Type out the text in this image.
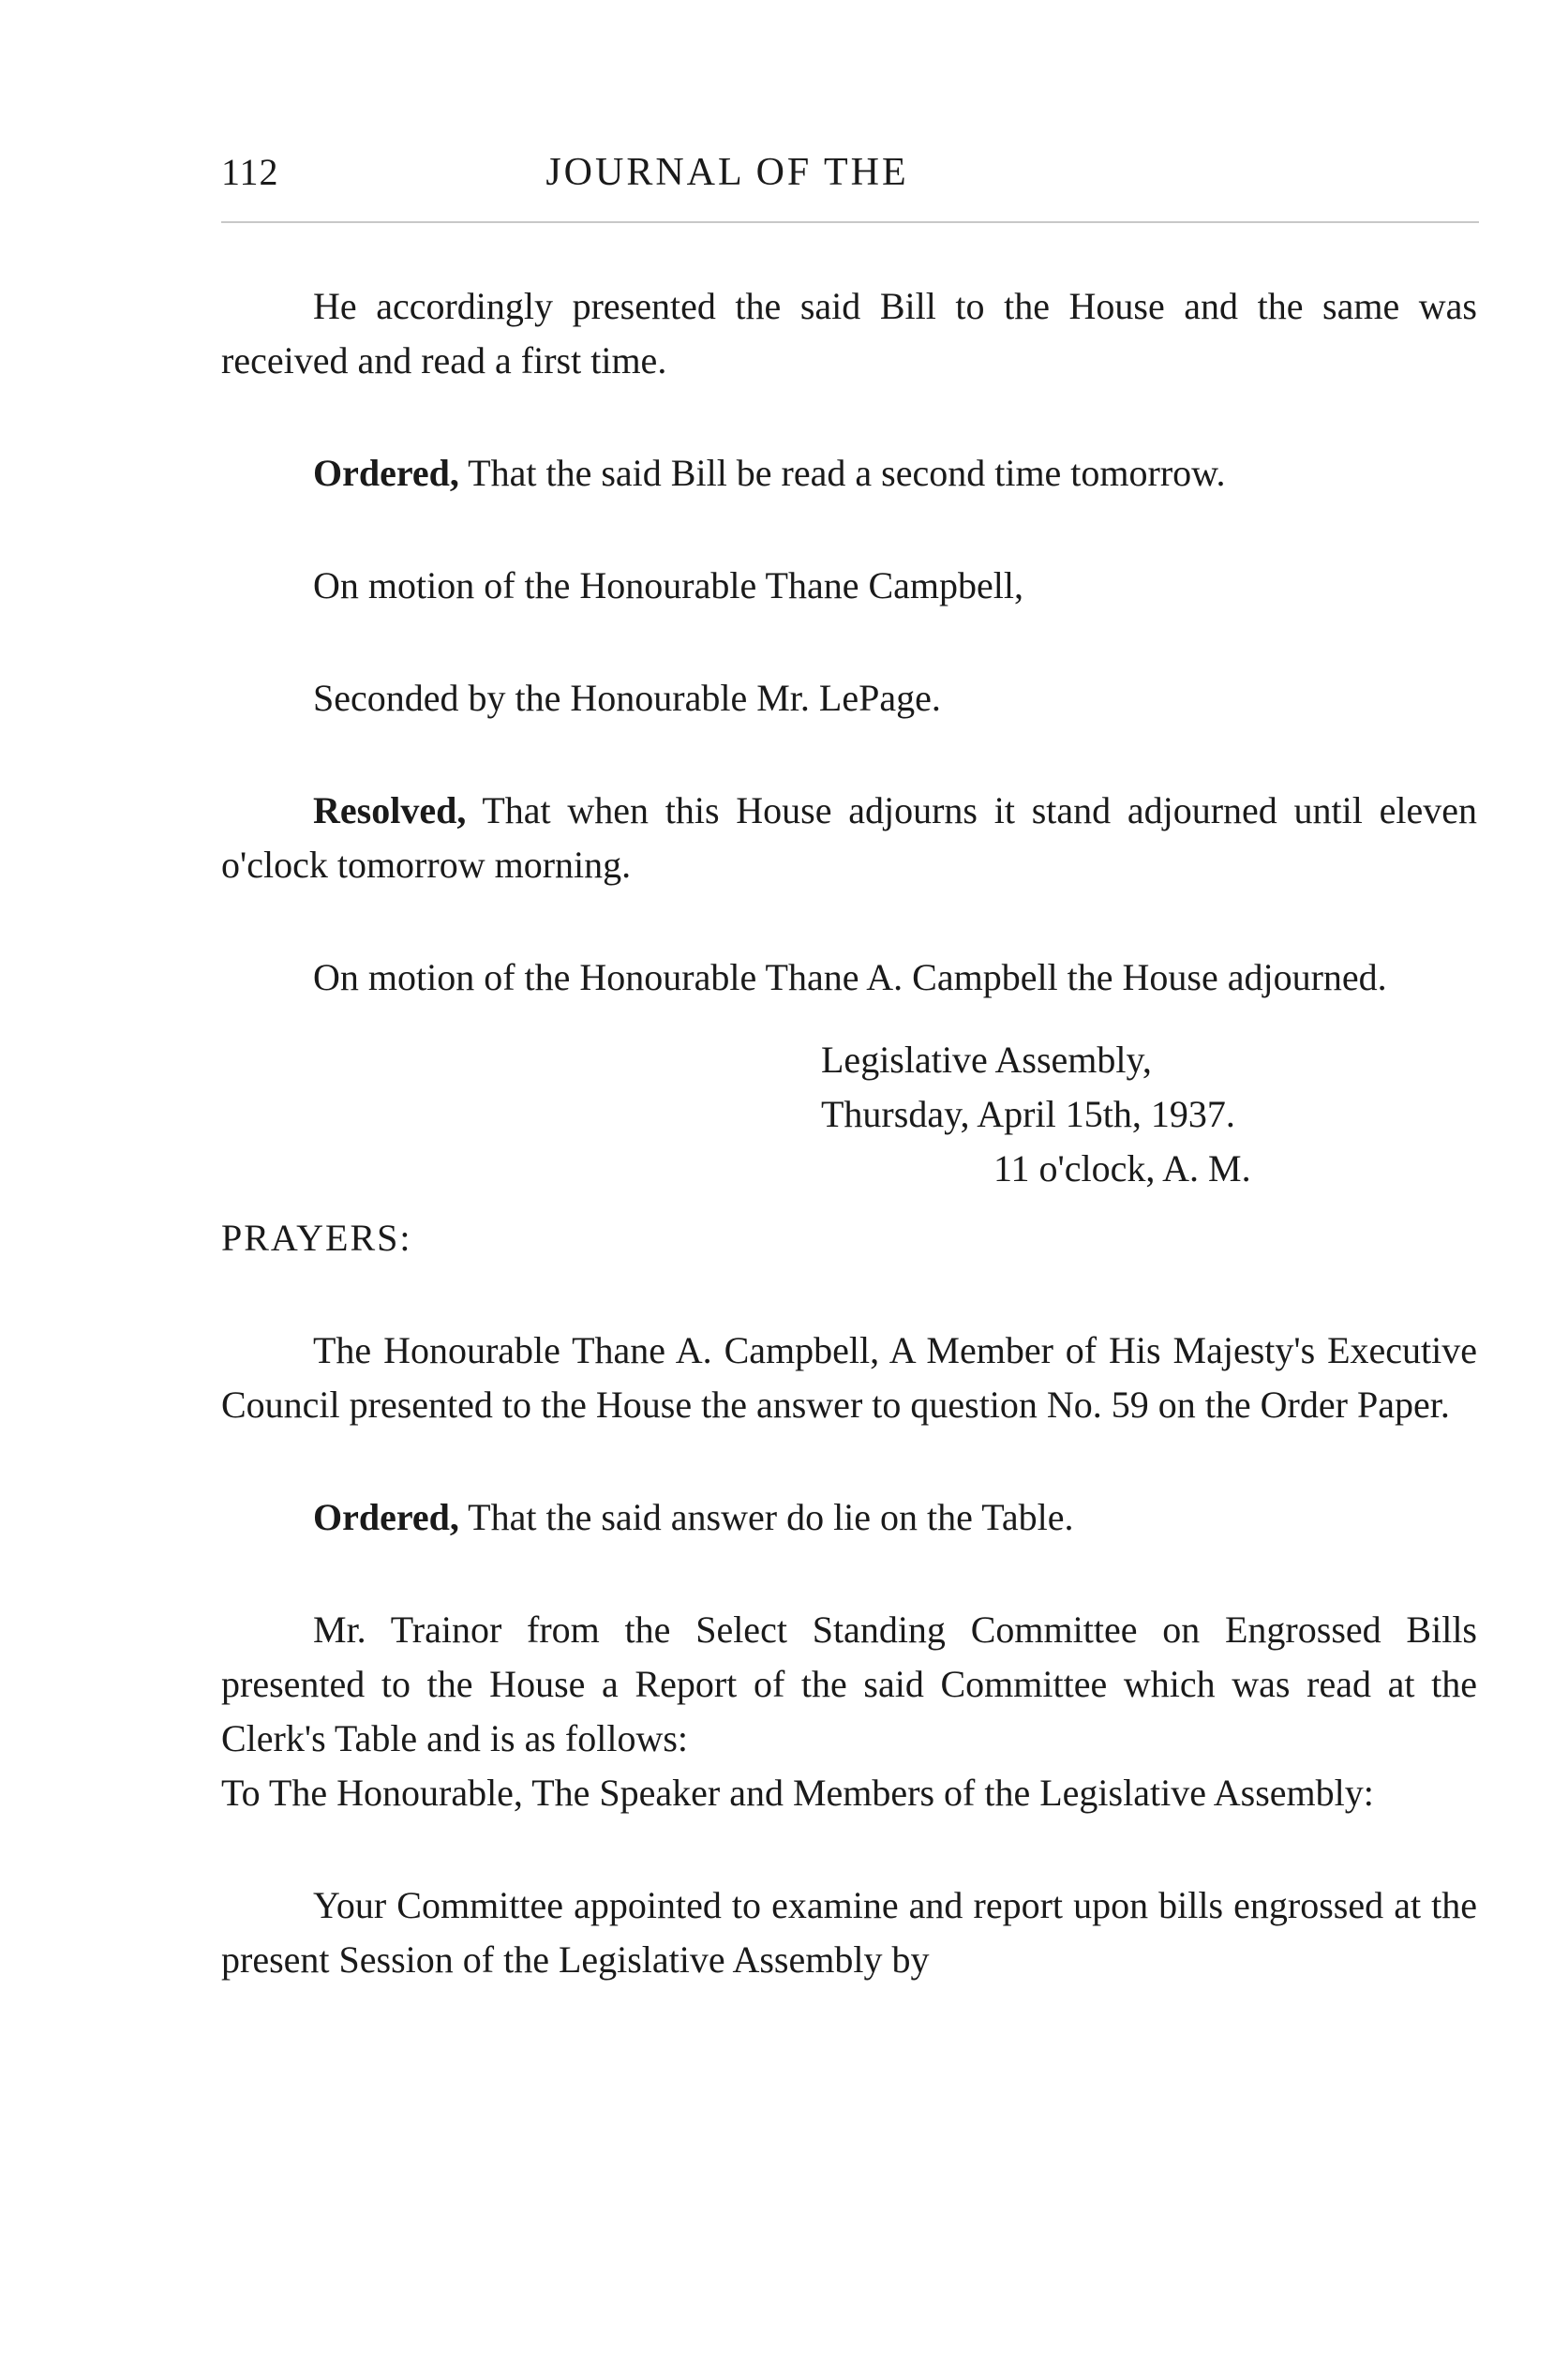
112	JOURNAL OF THE

He accordingly presented the said Bill to the House and the same was received and read a first time.

Ordered, That the said Bill be read a second time tomorrow.

On motion of the Honourable Thane Campbell,

Seconded by the Honourable Mr. LePage.

Resolved, That when this House adjourns it stand adjourned until eleven o'clock tomorrow morning.

On motion of the Honourable Thane A. Campbell the House adjourned.

Legislative Assembly,
Thursday, April 15th, 1937.
11 o'clock, A. M.
PRAYERS:

The Honourable Thane A. Campbell, A Member of His Majesty's Executive Council presented to the House the answer to question No. 59 on the Order Paper.

Ordered, That the said answer do lie on the Table.

Mr. Trainor from the Select Standing Committee on Engrossed Bills presented to the House a Report of the said Committee which was read at the Clerk's Table and is as follows:

To The Honourable, The Speaker and Members of the Legislative Assembly:

Your Committee appointed to examine and report upon bills engrossed at the present Session of the Legislative Assembly by
